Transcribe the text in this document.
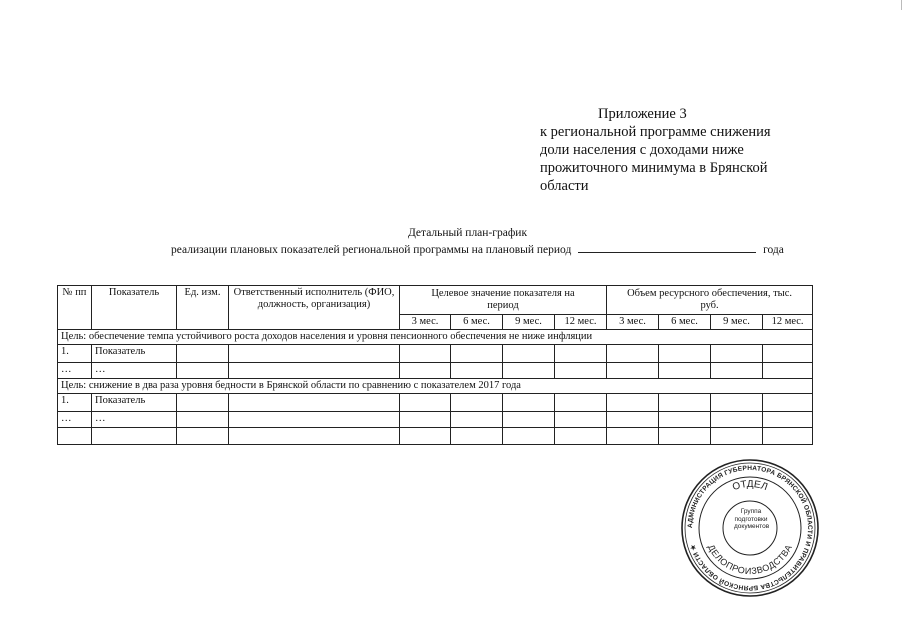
Приложение 3
к региональной программе снижения
доли населения с доходами ниже
прожиточного минимума в Брянской
области
Детальный план-график
реализации плановых показателей региональной программы на плановый период	года
№ пп	Показатель	Ед. изм.	Ответственный исполнитель (ФИО, должность, организация)	Целевое значение показателя на период				Объем ресурсного обеспечения, тыс. руб.			
				3 мес.	6 мес.	9 мес.	12 мес.	3 мес.	6 мес.	9 мес.	12 мес.
Цель: обеспечение темпа устойчивого роста доходов населения и уровня пенсионного обеспечения не ниже инфляции											
1.	Показатель										
…	…										
Цель: снижение в два раза уровня бедности в Брянской области по сравнению с показателем 2017 года											
1.	Показатель										
…	…										

АДМИНИСТРАЦИЯ ГУБЕРНАТОРА БРЯНСКОЙ ОБЛАСТИ И ПРАВИТЕЛЬСТВА БРЯНСКОЙ ОБЛАСТИ ★
ОТДЕЛ
ДЕЛОПРОИЗВОДСТВА
Группа подготовки документов
